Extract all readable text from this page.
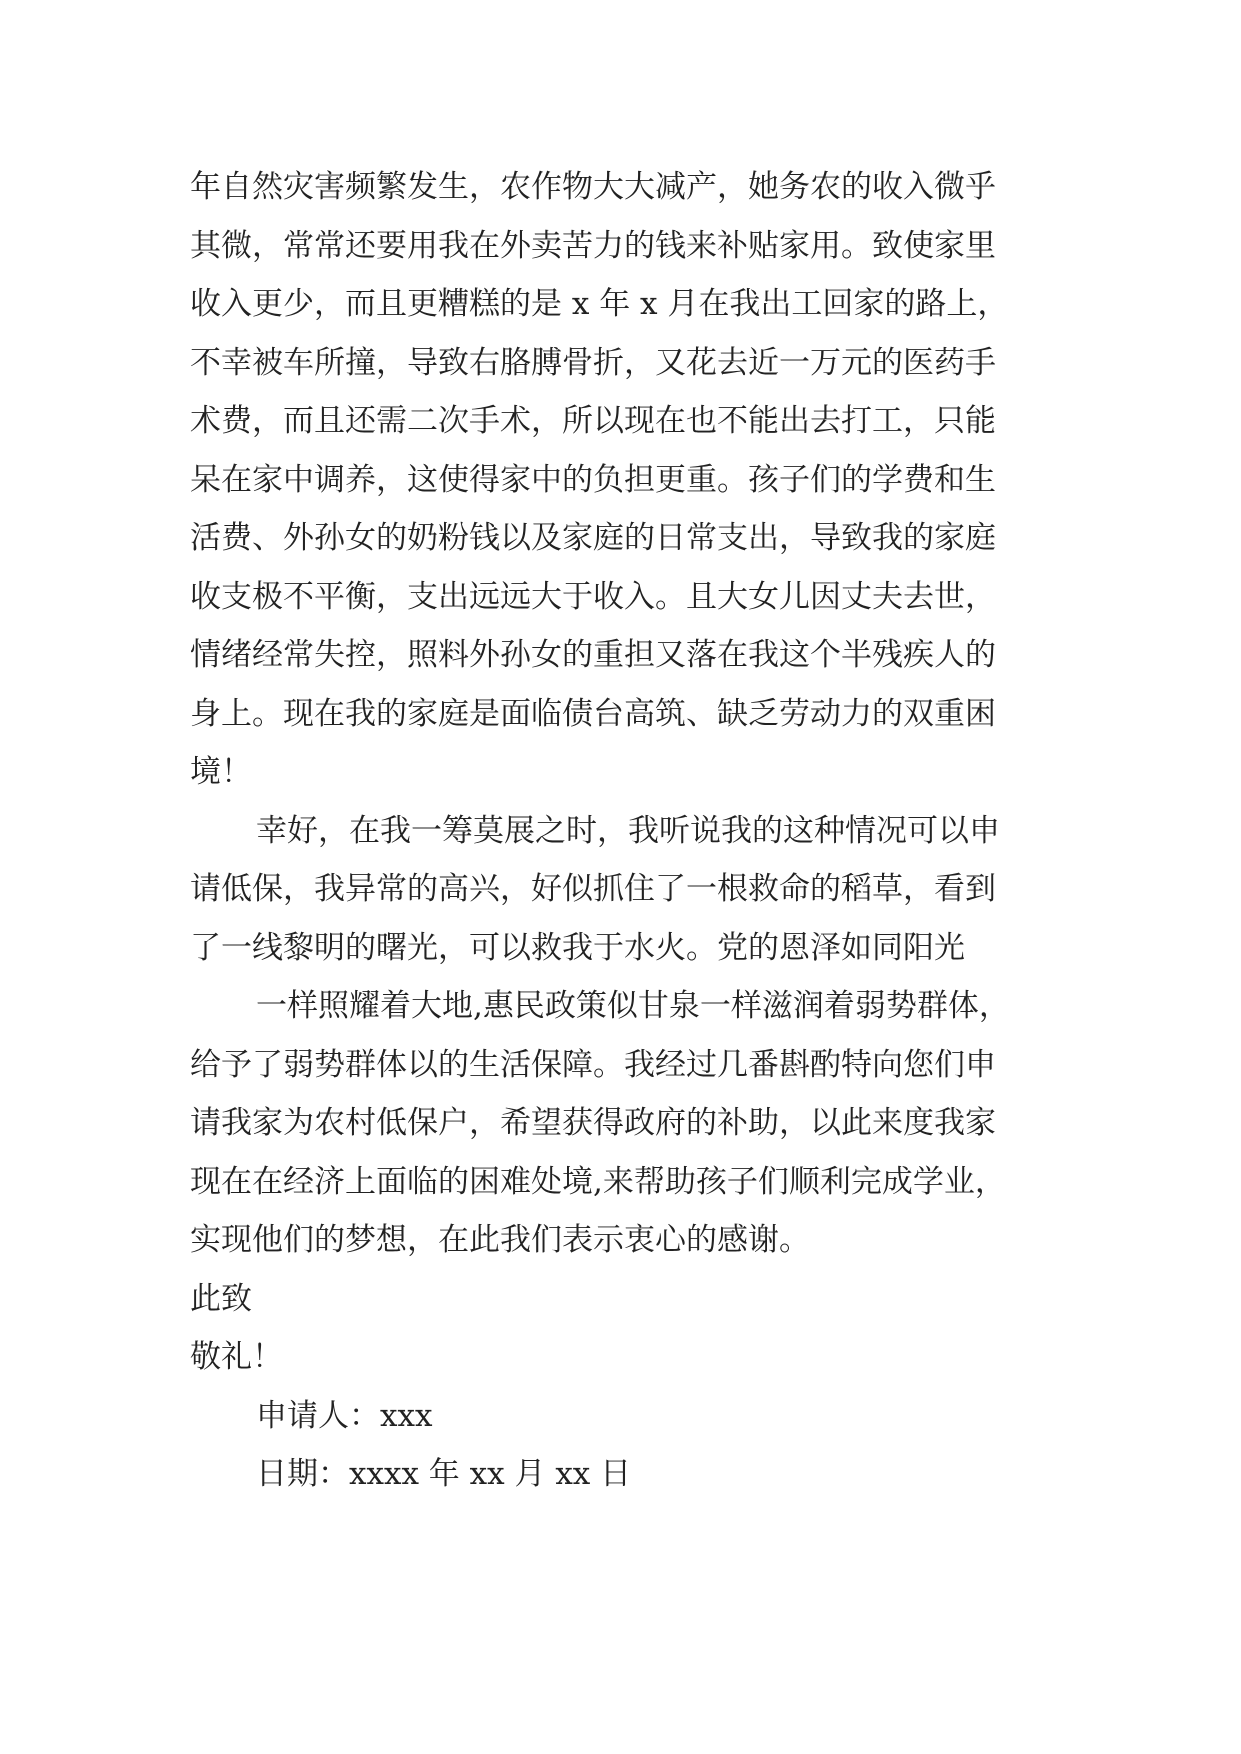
年自然灾害频繁发生，农作物大大减产，她务农的收入微乎
其微，常常还要用我在外卖苦力的钱来补贴家用。致使家里
收入更少，而且更糟糕的是 x 年 x 月在我出工回家的路上，
不幸被车所撞，导致右胳膊骨折，又花去近一万元的医药手
术费，而且还需二次手术，所以现在也不能出去打工，只能
呆在家中调养，这使得家中的负担更重。孩子们的学费和生
活费、外孙女的奶粉钱以及家庭的日常支出，导致我的家庭
收支极不平衡，支出远远大于收入。且大女儿因丈夫去世，
情绪经常失控，照料外孙女的重担又落在我这个半残疾人的
身上。现在我的家庭是面临债台高筑、缺乏劳动力的双重困
境！
幸好，在我一筹莫展之时，我听说我的这种情况可以申
请低保，我异常的高兴，好似抓住了一根救命的稻草，看到
了一线黎明的曙光，可以救我于水火。党的恩泽如同阳光
一样照耀着大地,惠民政策似甘泉一样滋润着弱势群体，
给予了弱势群体以的生活保障。我经过几番斟酌特向您们申
请我家为农村低保户，希望获得政府的补助，以此来度我家
现在在经济上面临的困难处境,来帮助孩子们顺利完成学业，
实现他们的梦想，在此我们表示衷心的感谢。
此致
敬礼！
申请人：xxx
日期：xxxx 年 xx 月 xx 日
